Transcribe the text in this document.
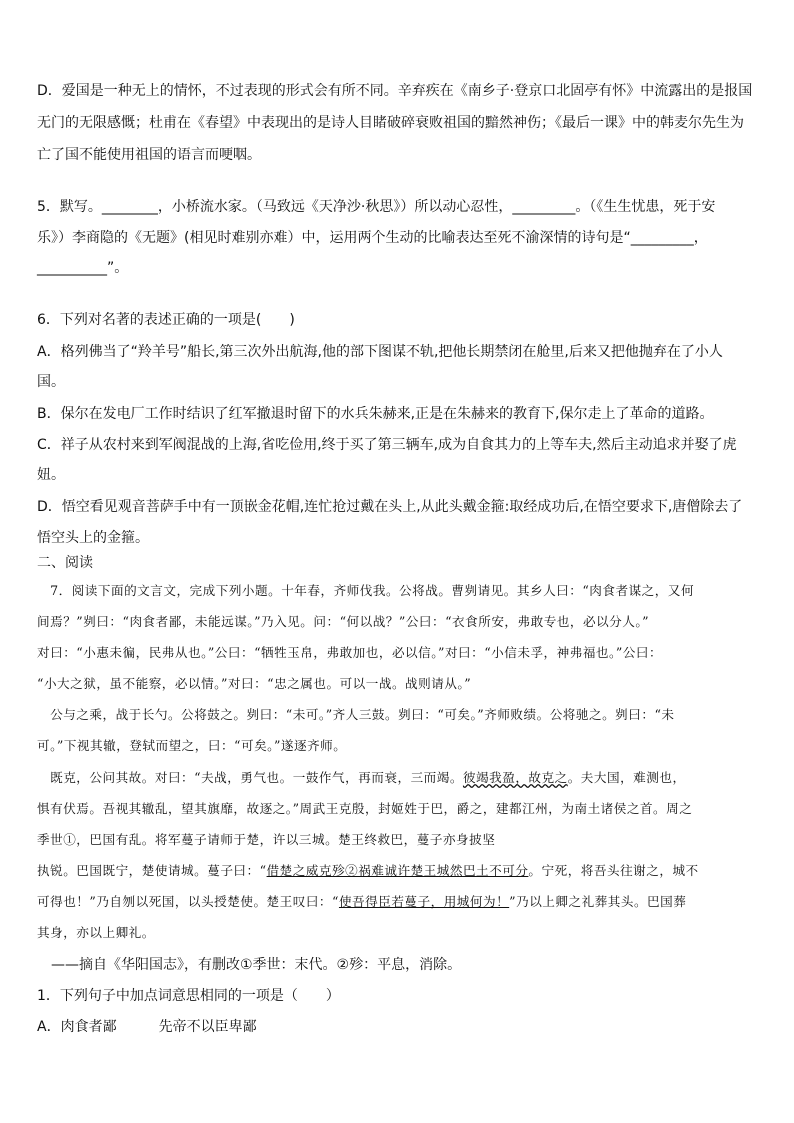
D．爱国是一种无上的情怀，不过表现的形式会有所不同。辛弃疾在《南乡子·登京口北固亭有怀》中流露出的是报国
无门的无限感慨；杜甫在《春望》中表现出的是诗人目睹破碎衰败祖国的黯然神伤；《最后一课》中的韩麦尔先生为
亡了国不能使用祖国的语言而哽咽。
5．默写。________，小桥流水家。（马致远《天净沙·秋思》）所以动心忍性，_________。（《生生忧患，死于安
乐》）李商隐的《无题》(相见时难别亦难）中，运用两个生动的比喻表达至死不渝深情的诗句是“_________，
__________”。
6．下列对名著的表述正确的一项是(　　)
A．格列佛当了“羚羊号”船长,第三次外出航海,他的部下图谋不轨,把他长期禁闭在舱里,后来又把他抛弃在了小人
国。
B．保尔在发电厂工作时结识了红军撤退时留下的水兵朱赫来,正是在朱赫来的教育下,保尔走上了革命的道路。
C．祥子从农村来到军阀混战的上海,省吃俭用,终于买了第三辆车,成为自食其力的上等车夫,然后主动追求并娶了虎
妞。
D．悟空看见观音菩萨手中有一顶嵌金花帽,连忙抢过戴在头上,从此头戴金箍:取经成功后,在悟空要求下,唐僧除去了
悟空头上的金箍。
二、阅读
　7．阅读下面的文言文，完成下列小题。十年春，齐师伐我。公将战。曹刿请见。其乡人曰：“肉食者谋之，又何
间焉？”刿曰：“肉食者鄙，未能远谋。”乃入见。问：“何以战？”公曰：“衣食所安，弗敢专也，必以分人。”
对曰：“小惠未徧，民弗从也。”公曰：“牺牲玉帛，弗敢加也，必以信。”对曰：“小信未孚，神弗福也。”公曰：
“小大之狱，虽不能察，必以情。”对曰：“忠之属也。可以一战。战则请从。”
　公与之乘，战于长勺。公将鼓之。刿曰：“未可。”齐人三鼓。刿曰：“可矣。”齐师败绩。公将驰之。刿曰：“未
可。”下视其辙，登轼而望之，曰：“可矣。”遂逐齐师。
　既克，公问其故。对曰：“夫战，勇气也。一鼓作气，再而衰，三而竭。彼竭我盈，故克之。夫大国，难测也，
惧有伏焉。吾视其辙乱，望其旗靡，故逐之。”周武王克殷，封姬姓于巴，爵之，建都江州，为南土诸侯之首。周之
季世①，巴国有乱。将军蔓子请师于楚，许以三城。楚王终救巴，蔓子亦身披坚
执锐。巴国既宁，楚使请城。蔓子曰：“借楚之威克殄②祸难诚许楚王城然巴土不可分。宁死，将吾头往谢之，城不
可得也！”乃自刎以死国，以头授楚使。楚王叹曰：“使吾得臣若蔓子，用城何为！”乃以上卿之礼葬其头。巴国葬
其身，亦以上卿礼。
　——摘自《华阳国志》，有删改①季世：末代。②殄：平息，消除。
1．下列句子中加点词意思相同的一项是（　　）
A．肉食者鄙　　　先帝不以臣卑鄙
